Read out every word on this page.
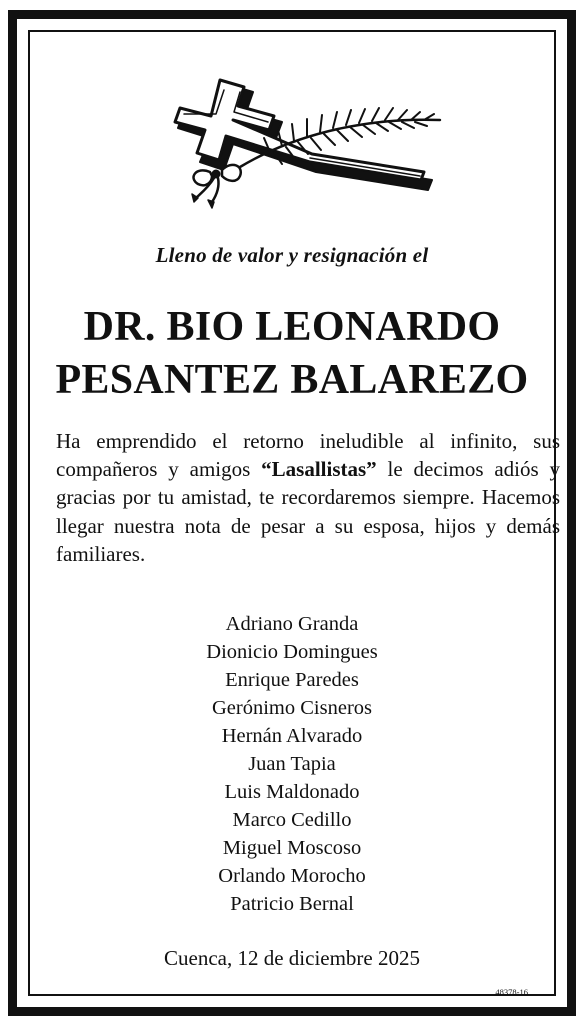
Lleno de valor y resignación el
DR. BIO LEONARDO
PESANTEZ BALAREZO
Ha emprendido el retorno ineludible al infinito, sus compañeros y amigos “Lasallistas” le decimos adiós y gracias por tu amistad, te recordaremos siempre. Hacemos llegar nuestra nota de pesar a su esposa, hijos y demás familiares.
Adriano Granda
Dionicio Domingues
Enrique Paredes
Gerónimo Cisneros
Hernán Alvarado
Juan Tapia
Luis Maldonado
Marco Cedillo
Miguel Moscoso
Orlando Morocho
Patricio Bernal
Cuenca, 12 de diciembre 2025
48378-16
